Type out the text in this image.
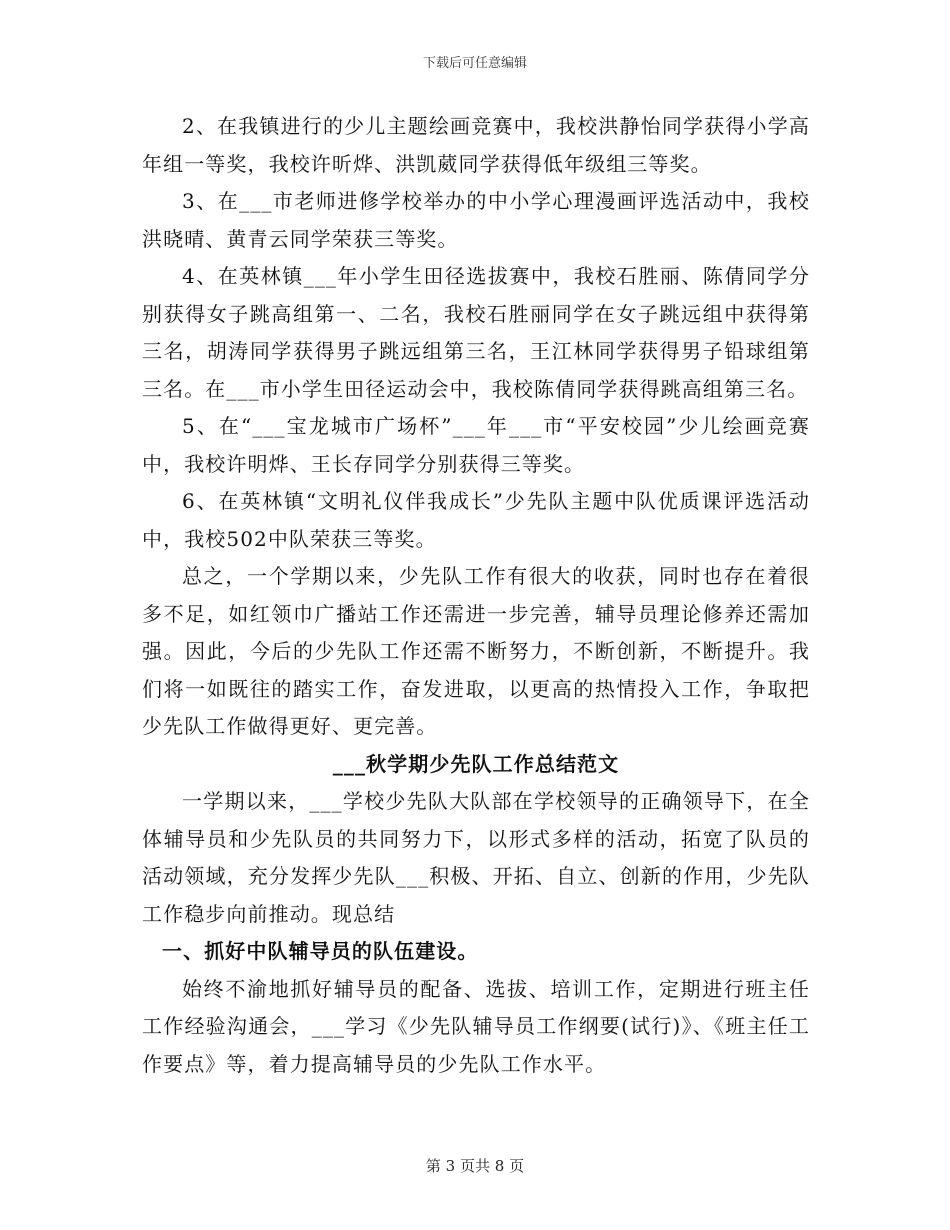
下载后可任意编辑

2、在我镇进行的少儿主题绘画竞赛中，我校洪静怡同学获得小学高年组一等奖，我校许昕烨、洪凯葳同学获得低年级组三等奖。

3、在___市老师进修学校举办的中小学心理漫画评选活动中，我校洪晓晴、黄青云同学荣获三等奖。

4、在英林镇___年小学生田径选拔赛中，我校石胜丽、陈倩同学分别获得女子跳高组第一、二名，我校石胜丽同学在女子跳远组中获得第三名，胡涛同学获得男子跳远组第三名，王江林同学获得男子铅球组第三名。在___市小学生田径运动会中，我校陈倩同学获得跳高组第三名。

5、在“___宝龙城市广场杯”___年___市“平安校园”少儿绘画竞赛中，我校许明烨、王长存同学分别获得三等奖。

6、在英林镇“文明礼仪伴我成长”少先队主题中队优质课评选活动中，我校502中队荣获三等奖。

总之，一个学期以来，少先队工作有很大的收获，同时也存在着很多不足，如红领巾广播站工作还需进一步完善，辅导员理论修养还需加强。因此，今后的少先队工作还需不断努力，不断创新，不断提升。我们将一如既往的踏实工作，奋发进取，以更高的热情投入工作，争取把少先队工作做得更好、更完善。

___秋学期少先队工作总结范文

一学期以来，___学校少先队大队部在学校领导的正确领导下，在全体辅导员和少先队员的共同努力下，以形式多样的活动，拓宽了队员的活动领域，充分发挥少先队___积极、开拓、自立、创新的作用，少先队工作稳步向前推动。现总结

一、抓好中队辅导员的队伍建设。

始终不渝地抓好辅导员的配备、选拔、培训工作，定期进行班主任工作经验沟通会，___学习《少先队辅导员工作纲要(试行)》、《班主任工作要点》等，着力提高辅导员的少先队工作水平。

第 3 页共 8 页
